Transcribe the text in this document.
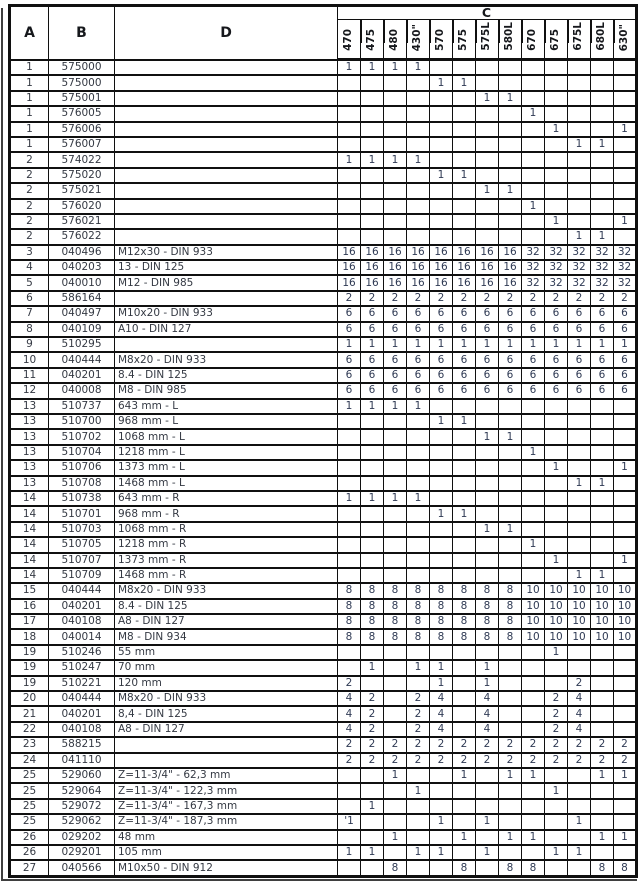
A	B	D	C												
			470	475	480	430"	570	575	575L	580L	670	675	675L	680L	630"
1	575000		1	1	1	1									
1	575000						1	1							
1	575001								1	1					
1	576005										1				
1	576006											1			1
1	576007												1	1	
2	574022		1	1	1	1									
2	575020						1	1							
2	575021								1	1					
2	576020										1				
2	576021											1			1
2	576022												1	1	
3	040496	M12x30 - DIN 933	16	16	16	16	16	16	16	16	32	32	32	32	32
4	040203	13 - DIN 125	16	16	16	16	16	16	16	16	32	32	32	32	32
5	040010	M12 - DIN 985	16	16	16	16	16	16	16	16	32	32	32	32	32
6	586164		2	2	2	2	2	2	2	2	2	2	2	2	2
7	040497	M10x20 - DIN 933	6	6	6	6	6	6	6	6	6	6	6	6	6
8	040109	A10 - DIN 127	6	6	6	6	6	6	6	6	6	6	6	6	6
9	510295		1	1	1	1	1	1	1	1	1	1	1	1	1
10	040444	M8x20 - DIN 933	6	6	6	6	6	6	6	6	6	6	6	6	6
11	040201	8.4 - DIN 125	6	6	6	6	6	6	6	6	6	6	6	6	6
12	040008	M8 - DIN 985	6	6	6	6	6	6	6	6	6	6	6	6	6
13	510737	643 mm - L	1	1	1	1									
13	510700	968 mm - L					1	1							
13	510702	1068 mm - L							1	1					
13	510704	1218 mm - L									1				
13	510706	1373 mm - L										1			1
13	510708	1468 mm - L											1	1	
14	510738	643 mm - R	1	1	1	1									
14	510701	968 mm - R					1	1							
14	510703	1068 mm - R							1	1					
14	510705	1218 mm - R									1				
14	510707	1373 mm - R										1			1
14	510709	1468 mm - R											1	1	
15	040444	M8x20 - DIN 933	8	8	8	8	8	8	8	8	10	10	10	10	10
16	040201	8.4 - DIN 125	8	8	8	8	8	8	8	8	10	10	10	10	10
17	040108	A8 - DIN 127	8	8	8	8	8	8	8	8	10	10	10	10	10
18	040014	M8 - DIN 934	8	8	8	8	8	8	8	8	10	10	10	10	10
19	510246	55 mm										1			
19	510247	70 mm		1		1	1		1						
19	510221	120 mm	2				1		1				2		
20	040444	M8x20 - DIN 933	4	2		2	4		4			2	4		
21	040201	8,4 - DIN 125	4	2		2	4		4			2	4		
22	040108	A8 - DIN 127	4	2		2	4		4			2	4		
23	588215		2	2	2	2	2	2	2	2	2	2	2	2	2
24	041110		2	2	2	2	2	2	2	2	2	2	2	2	2
25	529060	Z=11-3/4" - 62,3 mm			1			1		1	1			1	1
25	529064	Z=11-3/4" - 122,3 mm				1						1			
25	529072	Z=11-3/4" - 167,3 mm		1											
25	529062	Z=11-3/4" - 187,3 mm	'1				1		1				1		
26	029202	48 mm			1			1		1	1			1	1
26	029201	105 mm	1	1		1	1		1			1	1		
27	040566	M10x50 - DIN 912			8			8		8	8			8	8
